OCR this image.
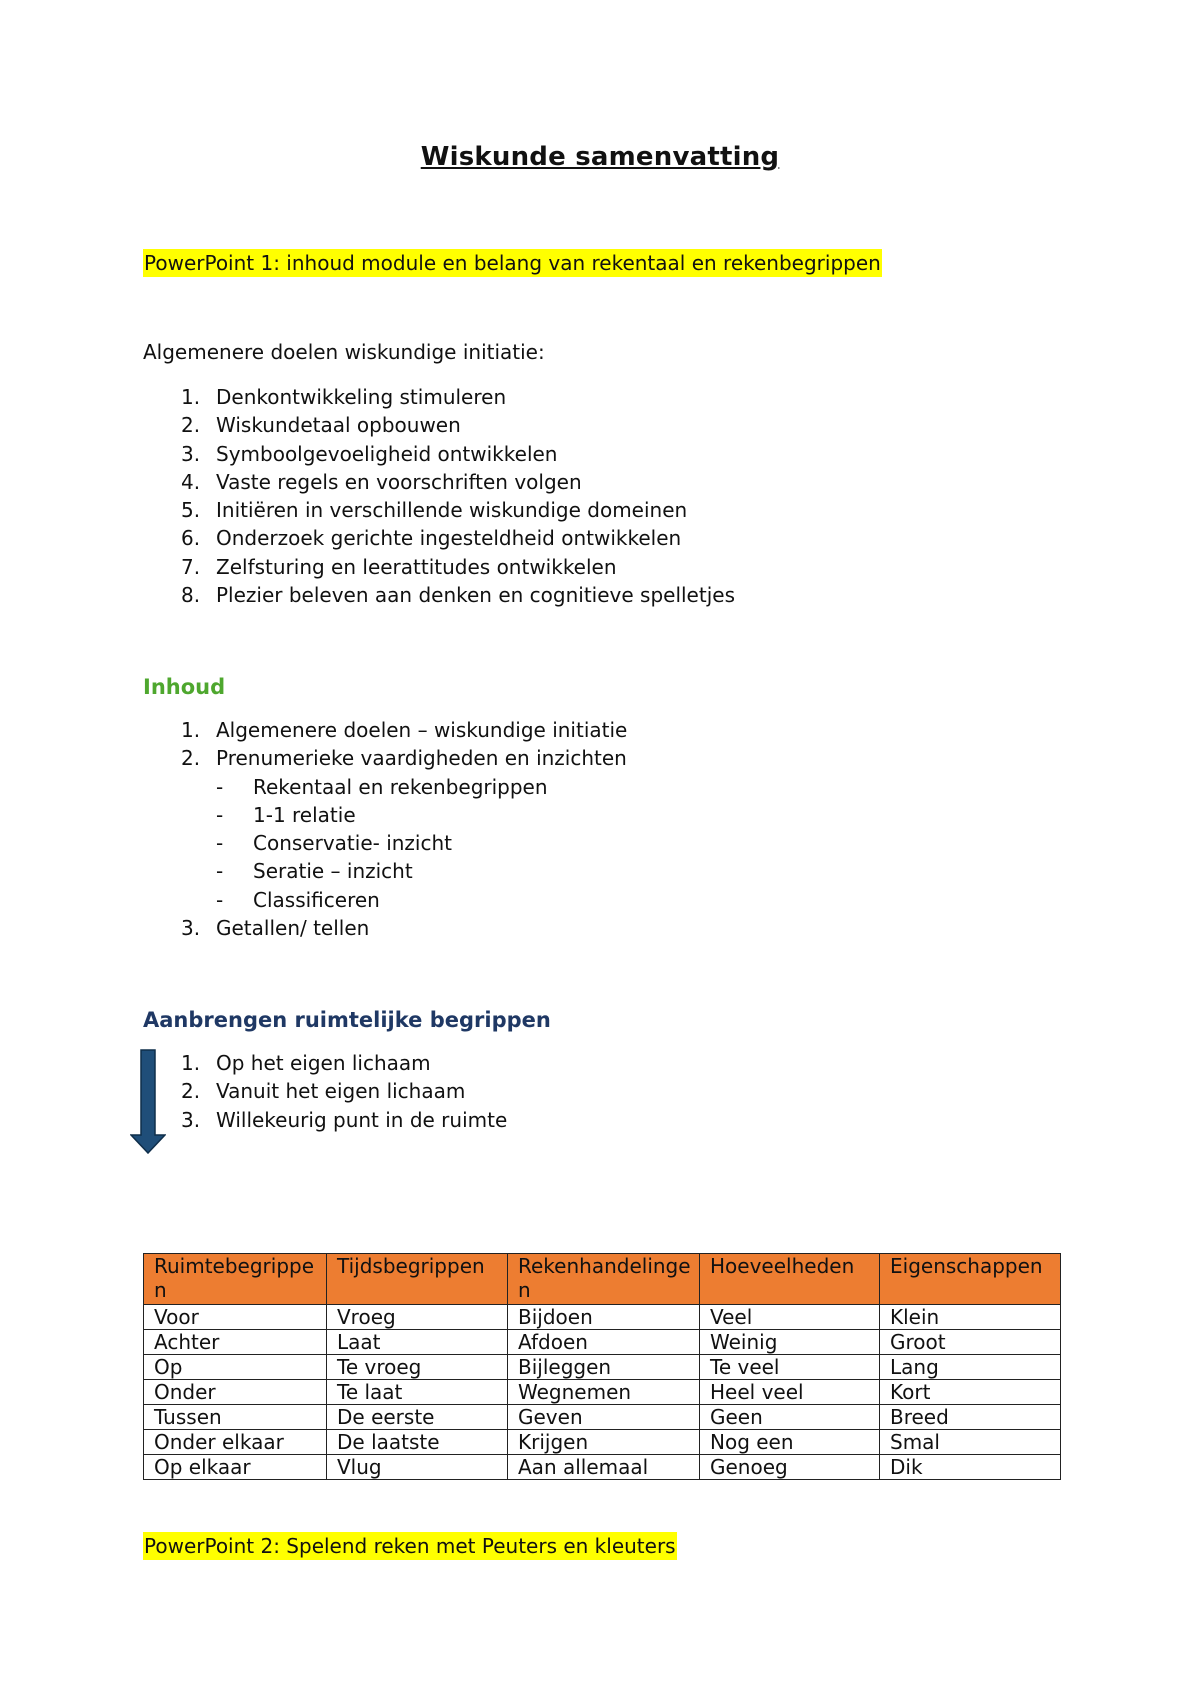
Wiskunde samenvatting
PowerPoint 1: inhoud module en belang van rekentaal en rekenbegrippen
Algemenere doelen wiskundige initiatie:
1. Denkontwikkeling stimuleren
2. Wiskundetaal opbouwen
3. Symboolgevoeligheid ontwikkelen
4. Vaste regels en voorschriften volgen
5. Initiëren in verschillende wiskundige domeinen
6. Onderzoek gerichte ingesteldheid ontwikkelen
7. Zelfsturing en leerattitudes ontwikkelen
8. Plezier beleven aan denken en cognitieve spelletjes
Inhoud
1. Algemenere doelen – wiskundige initiatie
2. Prenumerieke vaardigheden en inzichten
- Rekentaal en rekenbegrippen
- 1-1 relatie
- Conservatie- inzicht
- Seratie – inzicht
- Classificeren
3. Getallen/ tellen
Aanbrengen ruimtelijke begrippen
1. Op het eigen lichaam
2. Vanuit het eigen lichaam
3. Willekeurig punt in de ruimte
Ruimtebegrippen	Tijdsbegrippen	Rekenhandelingen	Hoeveelheden	Eigenschappen
Voor	Vroeg	Bijdoen	Veel	Klein
Achter	Laat	Afdoen	Weinig	Groot
Op	Te vroeg	Bijleggen	Te veel	Lang
Onder	Te laat	Wegnemen	Heel veel	Kort
Tussen	De eerste	Geven	Geen	Breed
Onder elkaar	De laatste	Krijgen	Nog een	Smal
Op elkaar	Vlug	Aan allemaal	Genoeg	Dik
PowerPoint 2: Spelend reken met Peuters en kleuters
